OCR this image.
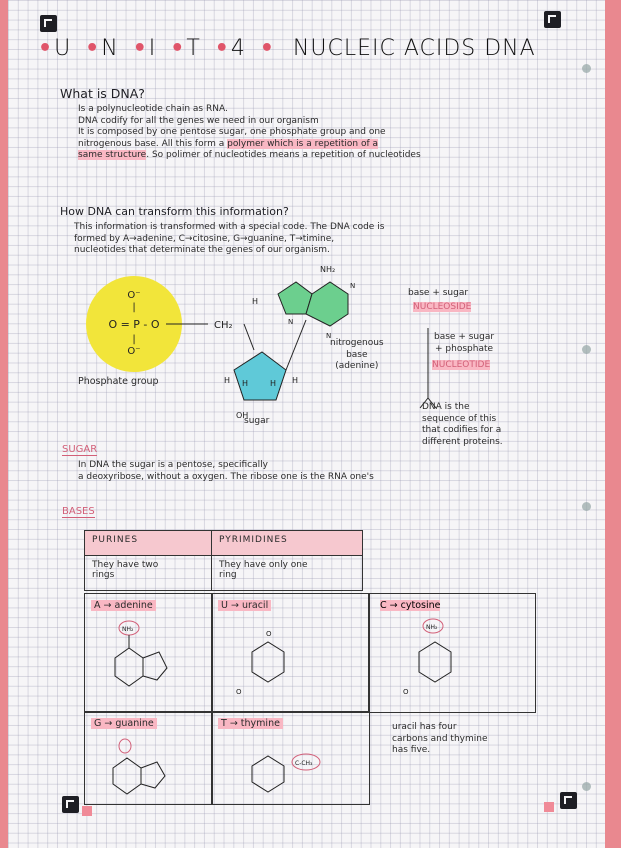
•U •N •I •T •4 • NUCLEIC ACIDS DNA
What is DNA?
Is a polynucleotide chain as RNA.
DNA codify for all the genes we need in our organism
It is composed by one pentose sugar, one phosphate group and one
nitrogenous base. All this form a polymer which is a repetition of a
same structure. So polimer of nucleotides means a repetition of nucleotides
How DNA can transform this information?
This information is transformed with a special code. The DNA code is
formed by A→adenine, C→citosine, G→guanine, T→timine,
nucleotides that determinate the genes of our organism.
O⁻
|
O = P - O
|
O⁻
CH₂
H	H
H	H
OH
NH₂
N
N
N
H
Phosphate group
sugar
nitrogenous
base
(adenine)
base + sugar
NUCLEOSIDE
base + sugar
+ phosphate
NUCLEOTIDE
DNA is the
sequence of this
that codifies for a
different proteins.
SUGAR
In DNA the sugar is a pentose, specifically
a deoxyribose, without a oxygen. The ribose one is the RNA one's
BASES
PURINES	PYRIMIDINES
They have two
rings	They have only one
ring
A → adenine
NH₂
U → uracil
O
O
C → cytosine
NH₂
O
G → guanine	T → thymine
C-CH₃
uracil has four
carbons and thymine
has five.
